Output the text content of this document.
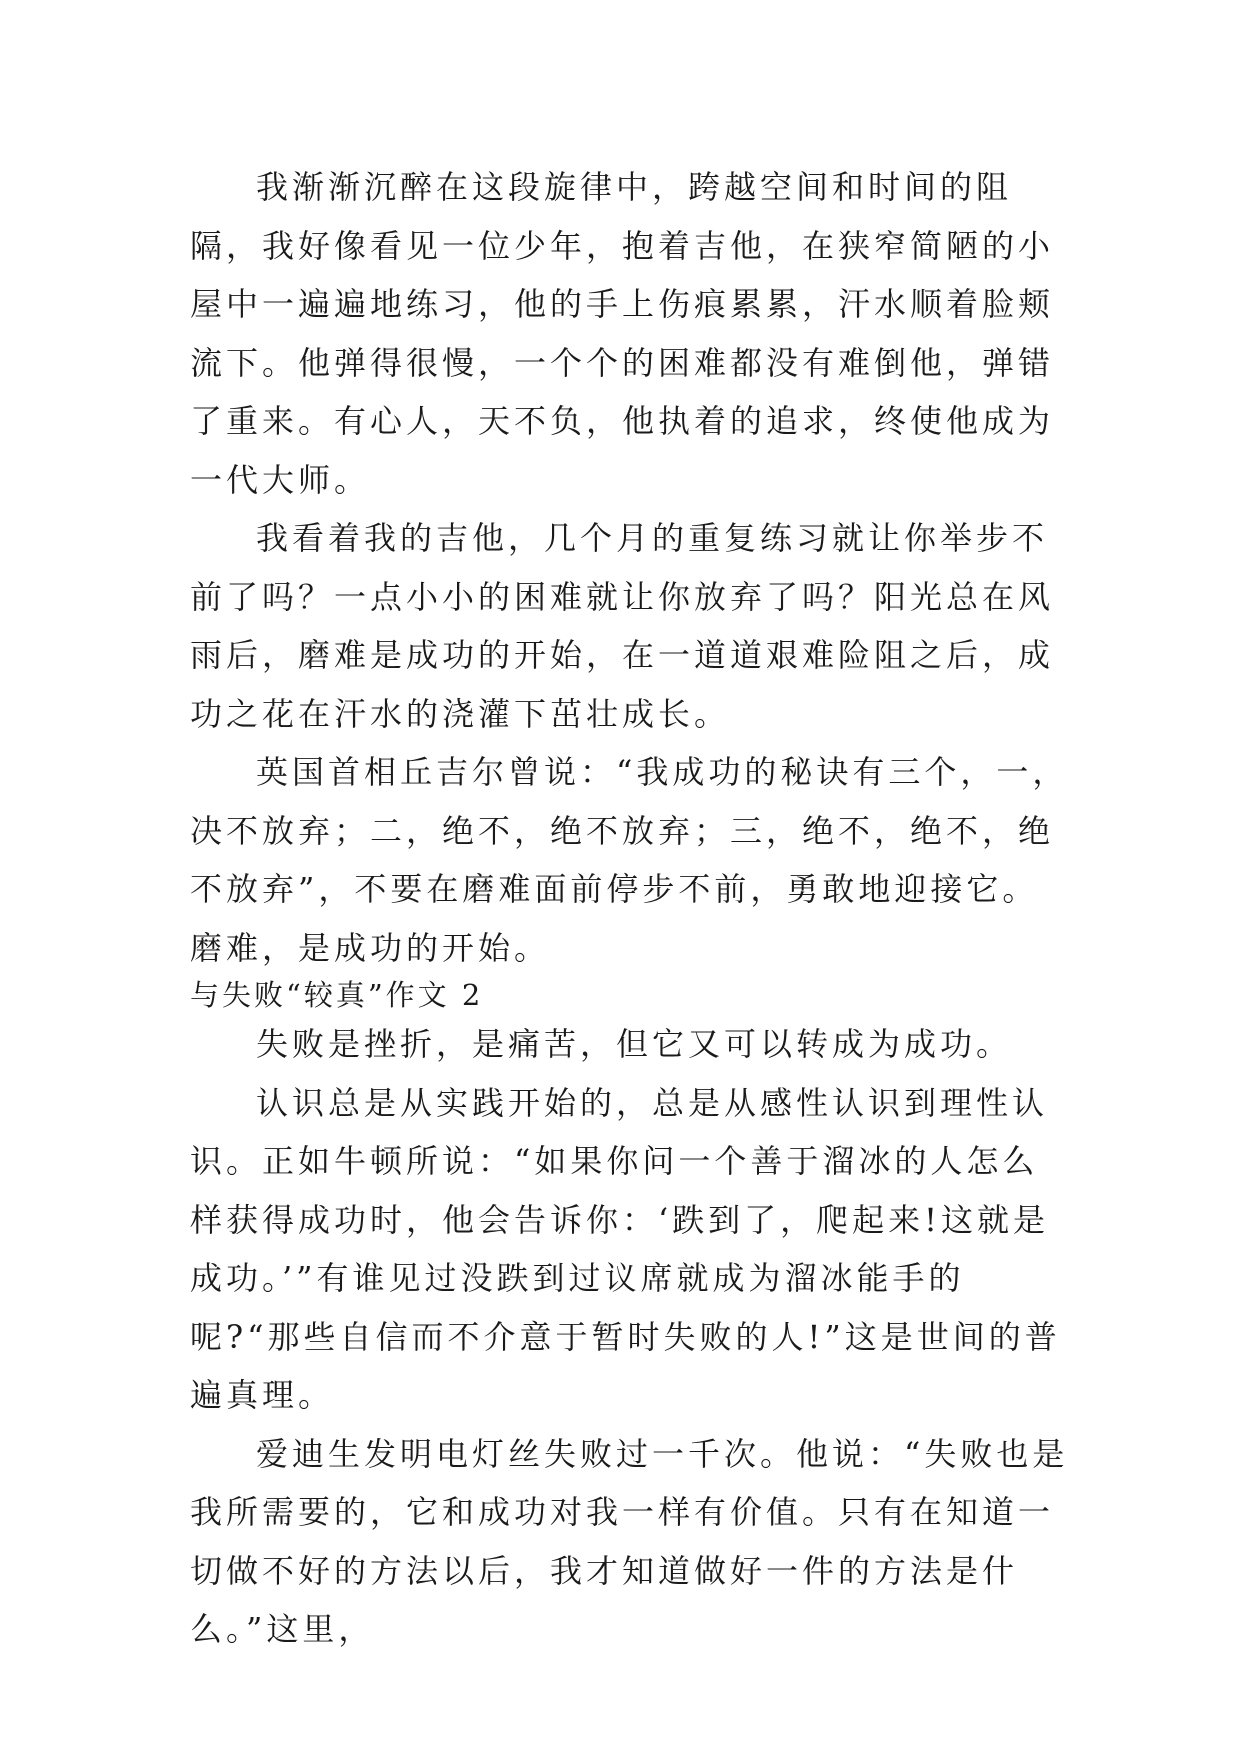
我渐渐沉醉在这段旋律中，跨越空间和时间的阻隔，我好像看见一位少年，抱着吉他，在狭窄简陋的小屋中一遍遍地练习，他的手上伤痕累累，汗水顺着脸颊流下。他弹得很慢，一个个的困难都没有难倒他，弹错了重来。有心人，天不负，他执着的追求，终使他成为一代大师。

我看着我的吉他，几个月的重复练习就让你举步不前了吗？一点小小的困难就让你放弃了吗？阳光总在风雨后，磨难是成功的开始，在一道道艰难险阻之后，成功之花在汗水的浇灌下茁壮成长。

英国首相丘吉尔曾说：“我成功的秘诀有三个，一，决不放弃；二，绝不，绝不放弃；三，绝不，绝不，绝不放弃”，不要在磨难面前停步不前，勇敢地迎接它。磨难，是成功的开始。

与失败“较真”作文 2

失败是挫折，是痛苦，但它又可以转成为成功。

认识总是从实践开始的，总是从感性认识到理性认识。正如牛顿所说：“如果你问一个善于溜冰的人怎么样获得成功时，他会告诉你：‘跌到了，爬起来!这就是成功。’”有谁见过没跌到过议席就成为溜冰能手的呢?“那些自信而不介意于暂时失败的人!”这是世间的普遍真理。

爱迪生发明电灯丝失败过一千次。他说：“失败也是我所需要的，它和成功对我一样有价值。只有在知道一切做不好的方法以后，我才知道做好一件的方法是什么。”这里，
